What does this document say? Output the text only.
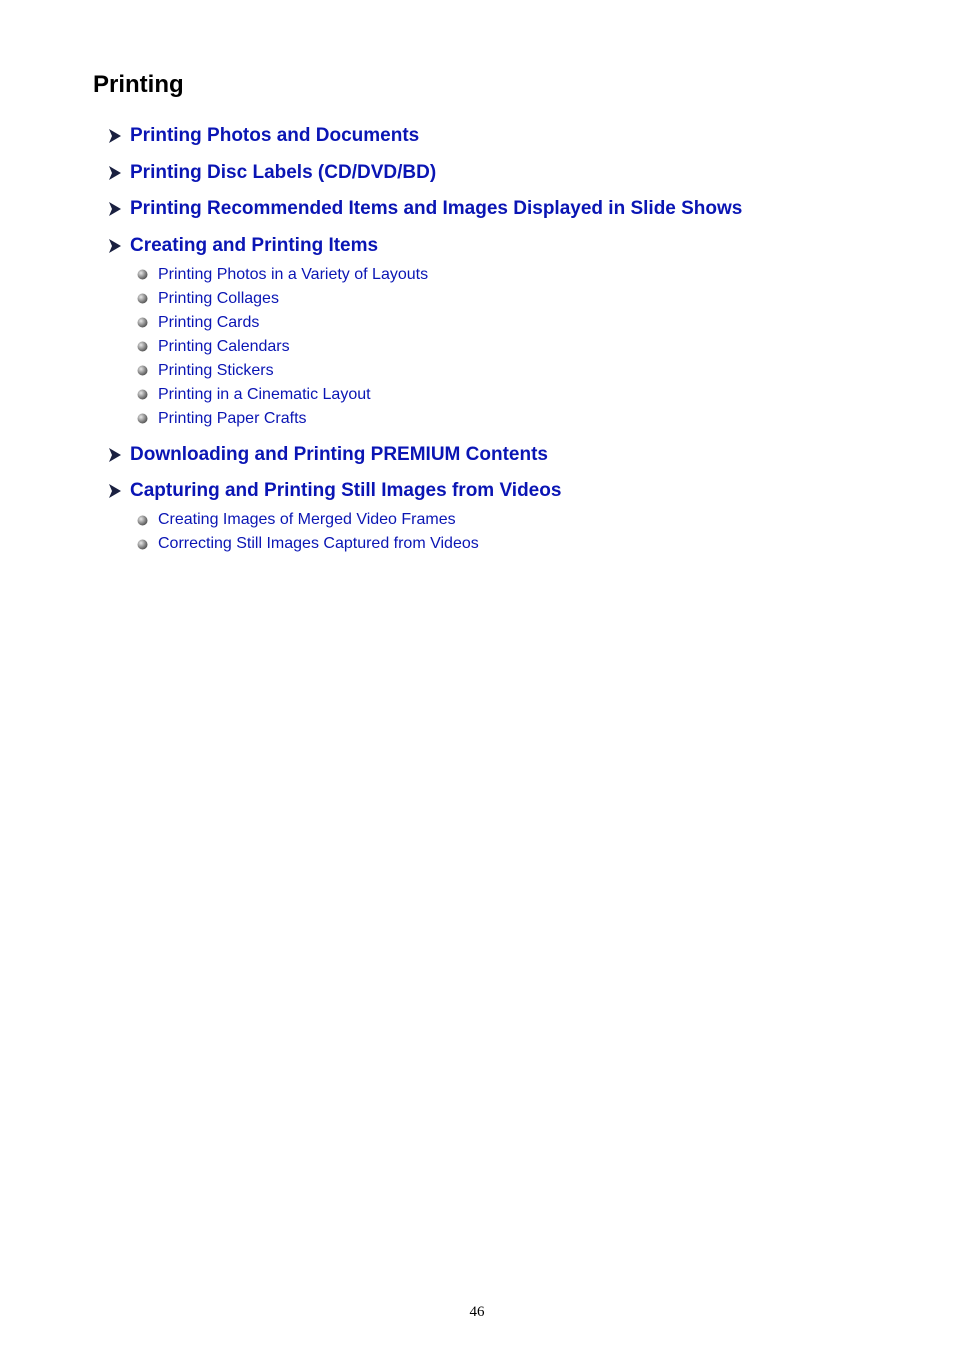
Printing
Printing Photos and Documents
Printing Disc Labels (CD/DVD/BD)
Printing Recommended Items and Images Displayed in Slide Shows
Creating and Printing Items
Printing Photos in a Variety of Layouts
Printing Collages
Printing Cards
Printing Calendars
Printing Stickers
Printing in a Cinematic Layout
Printing Paper Crafts
Downloading and Printing PREMIUM Contents
Capturing and Printing Still Images from Videos
Creating Images of Merged Video Frames
Correcting Still Images Captured from Videos
46
